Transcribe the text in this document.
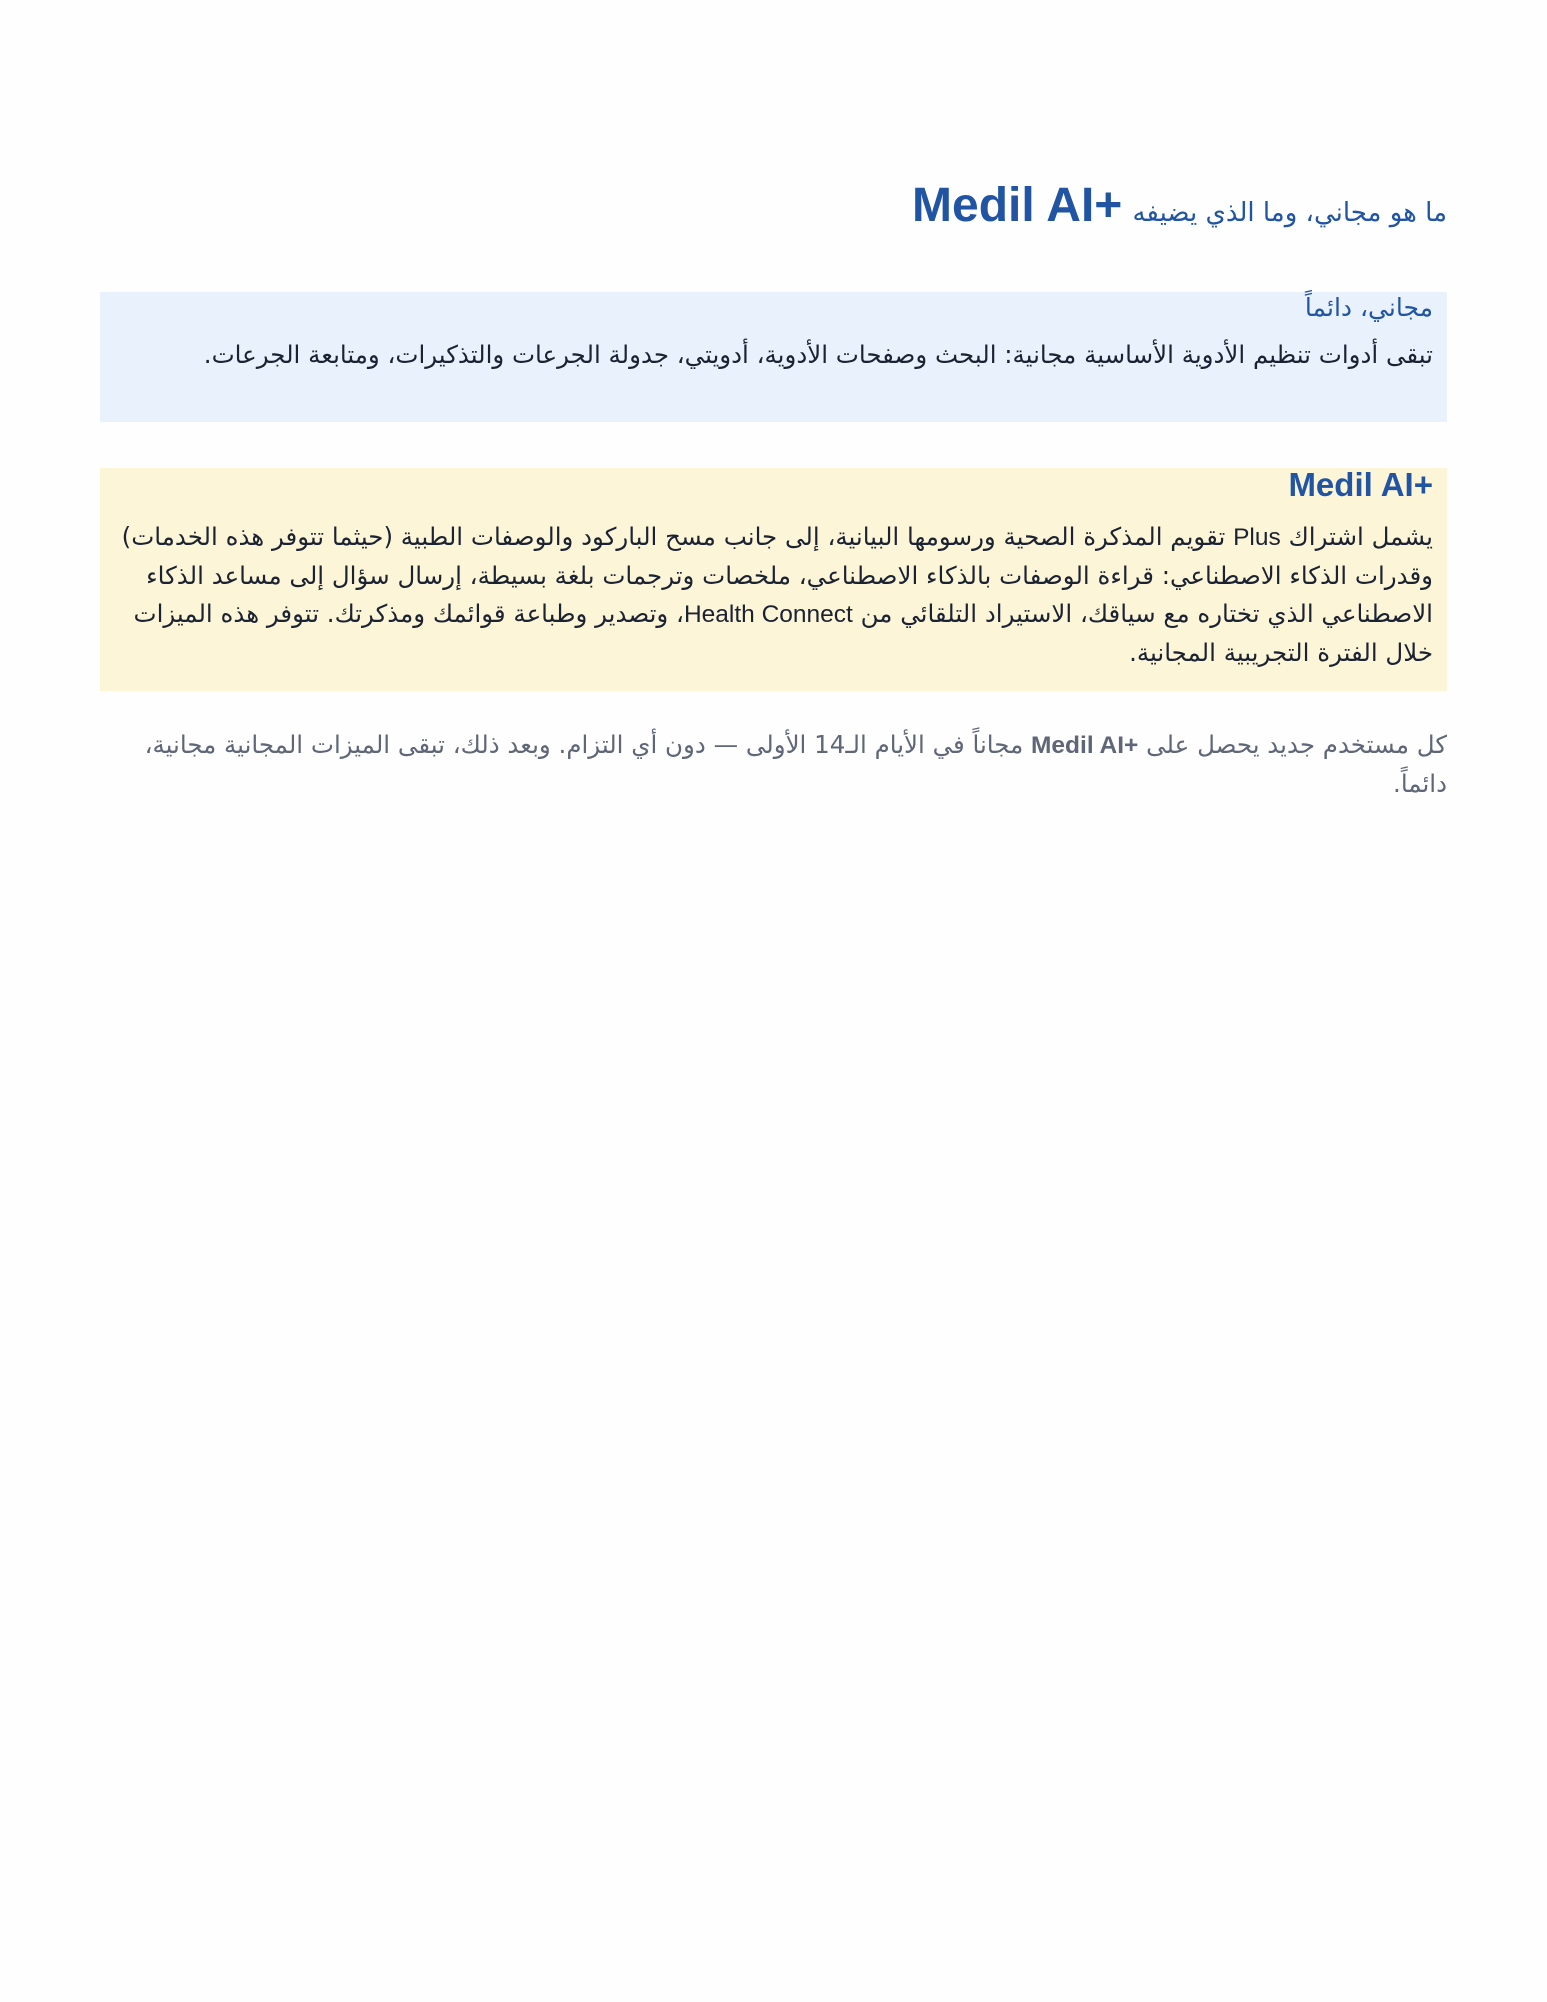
ما هو مجاني، وما الذي يضيفه Medil AI+
مجاني، دائماً

تبقى أدوات تنظيم الأدوية الأساسية مجانية: البحث وصفحات الأدوية، أدويتي، جدولة الجرعات والتذكيرات، ومتابعة الجرعات.

Medil AI+

يشمل اشتراك Plus تقويم المذكرة الصحية ورسومها البيانية، إلى جانب مسح الباركود والوصفات الطبية (حيثما تتوفر هذه الخدمات) وقدرات الذكاء الاصطناعي: قراءة الوصفات بالذكاء الاصطناعي، ملخصات وترجمات بلغة بسيطة، إرسال سؤال إلى مساعد الذكاء الاصطناعي الذي تختاره مع سياقك، الاستيراد التلقائي من Health Connect، وتصدير وطباعة قوائمك ومذكرتك. تتوفر هذه الميزات خلال الفترة التجريبية المجانية.

كل مستخدم جديد يحصل على Medil AI+ مجاناً في الأيام الـ14 الأولى — دون أي التزام. وبعد ذلك، تبقى الميزات المجانية مجانية، دائماً.
